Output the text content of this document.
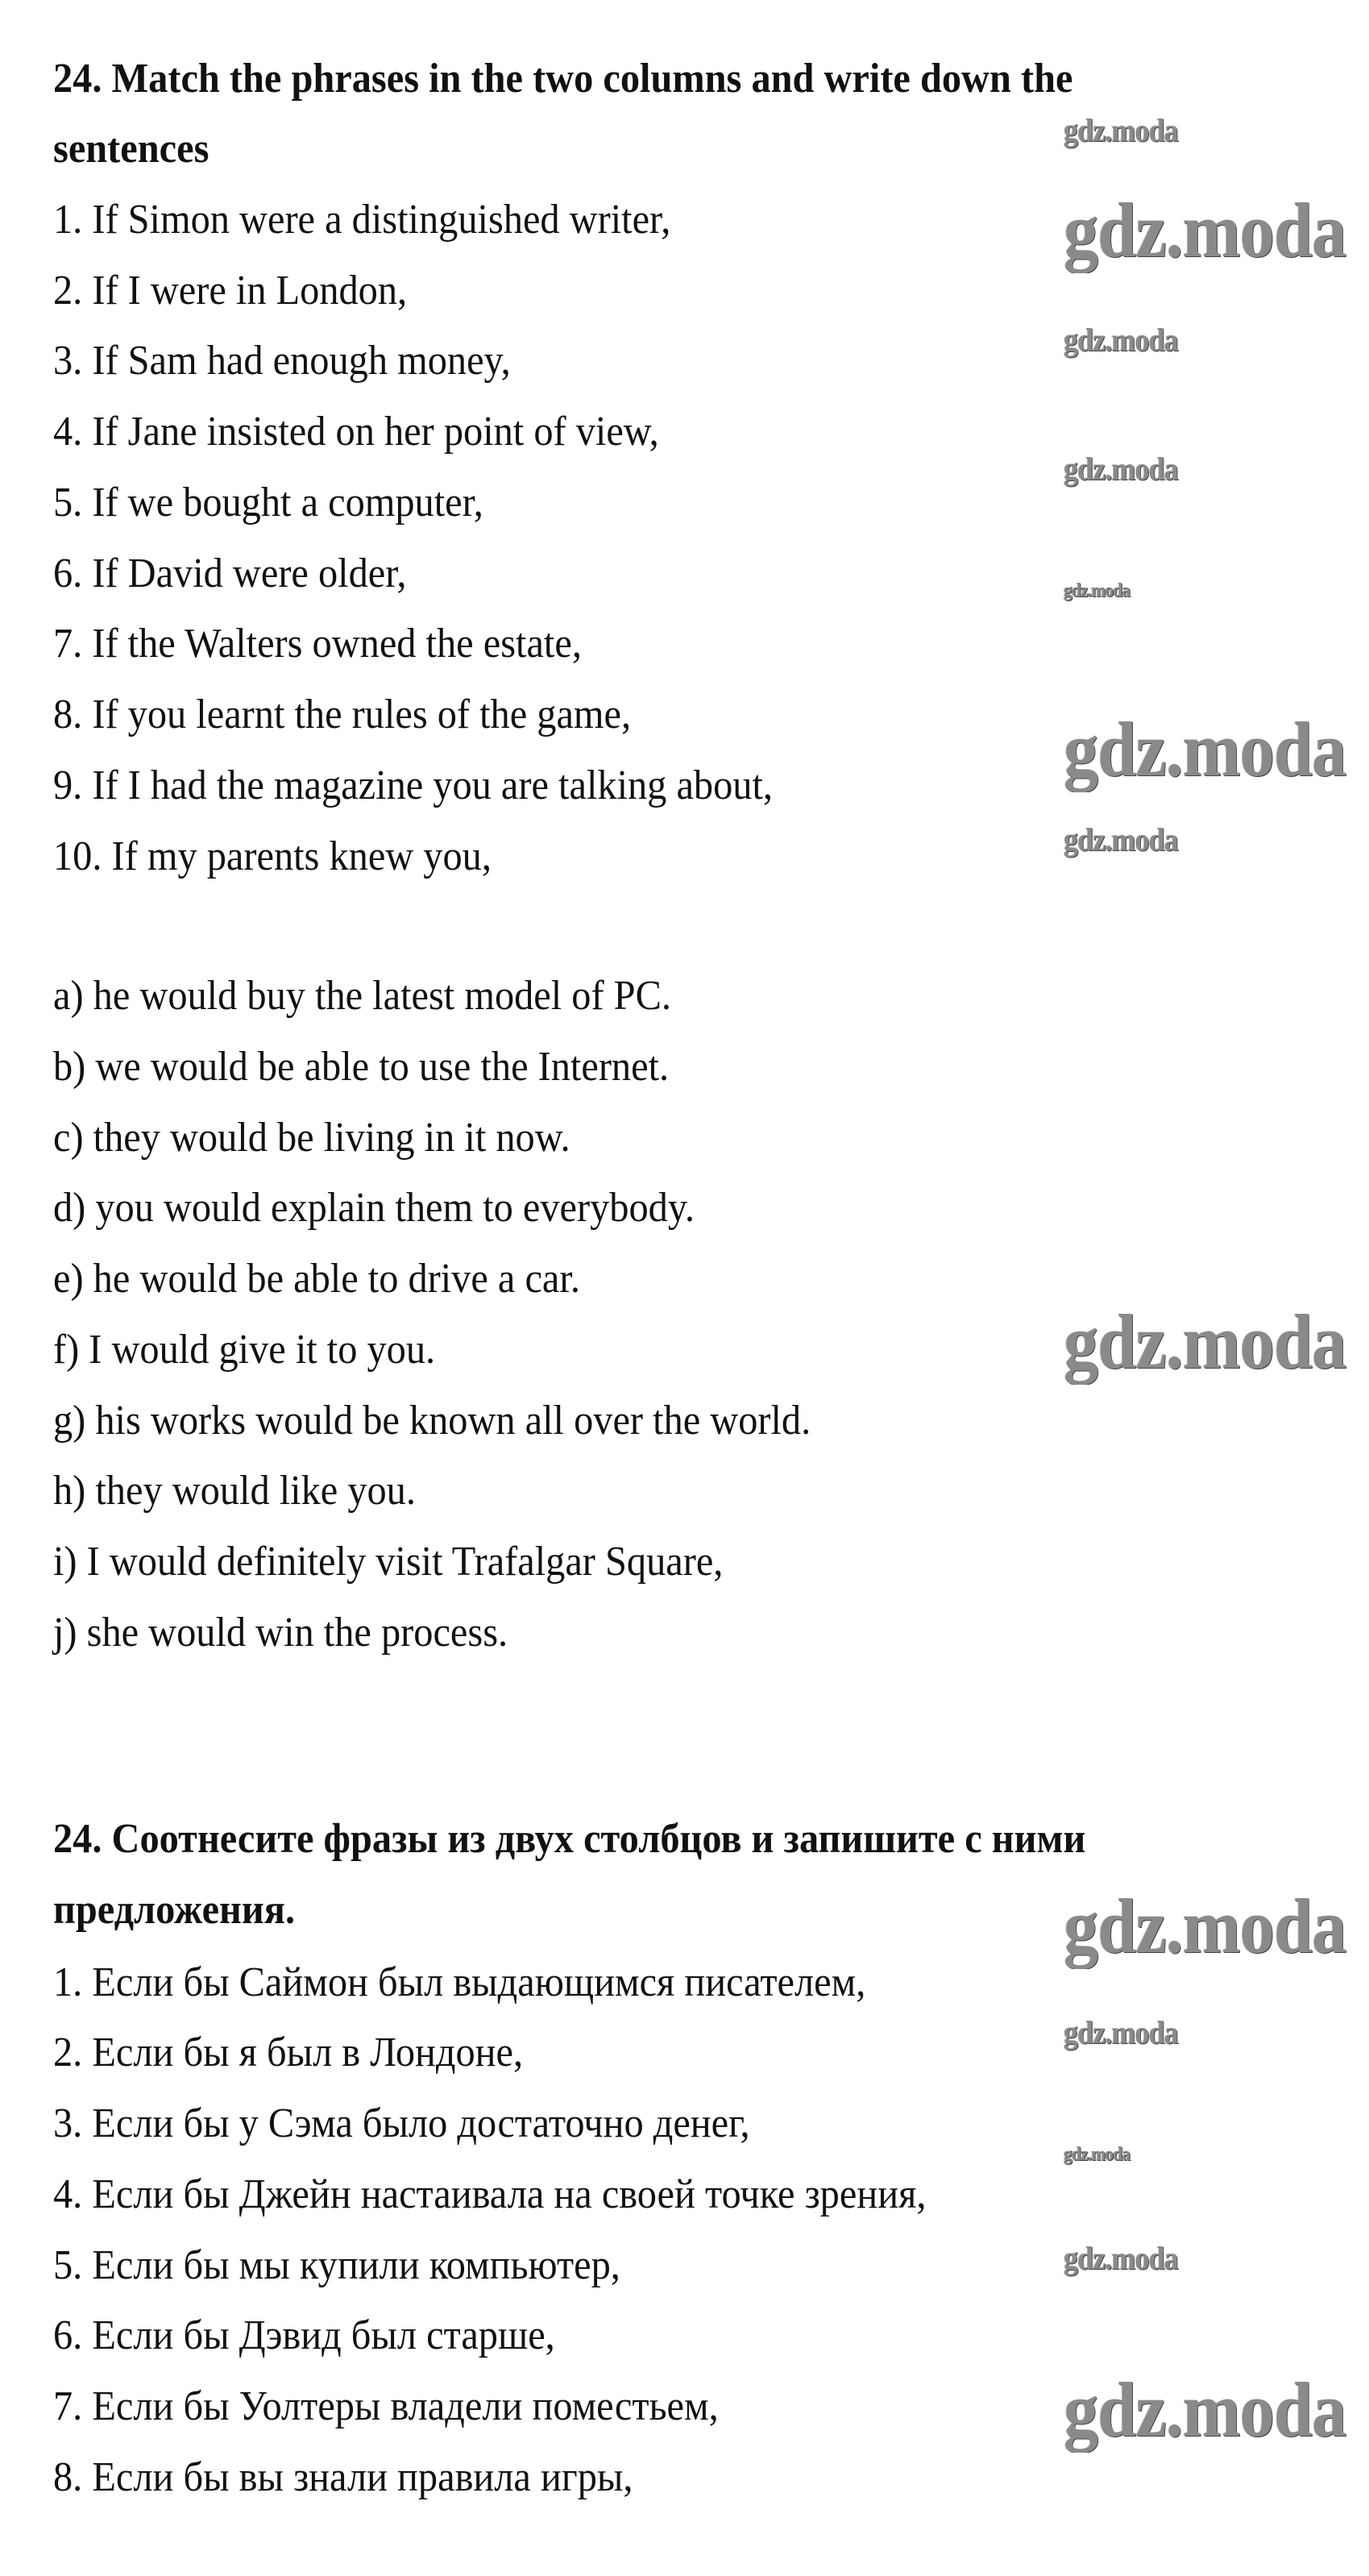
24. Match the phrases in the two columns and write down the
sentences
1. If Simon were a distinguished writer,
2. If I were in London,
3. If Sam had enough money,
4. If Jane insisted on her point of view,
5. If we bought a computer,
6. If David were older,
7. If the Walters owned the estate,
8. If you learnt the rules of the game,
9. If I had the magazine you are talking about,
10. If my parents knew you,
a) he would buy the latest model of PC.
b) we would be able to use the Internet.
c) they would be living in it now.
d) you would explain them to everybody.
e) he would be able to drive a car.
f) I would give it to you.
g) his works would be known all over the world.
h) they would like you.
i) I would definitely visit Trafalgar Square,
j) she would win the process.
24. Соотнесите фразы из двух столбцов и запишите с ними
предложения.
1. Если бы Саймон был выдающимся писателем,
2. Если бы я был в Лондоне,
3. Если бы у Сэма было достаточно денег,
4. Если бы Джейн настаивала на своей точке зрения,
5. Если бы мы купили компьютер,
6. Если бы Дэвид был старше,
7. Если бы Уолтеры владели поместьем,
8. Если бы вы знали правила игры,
gdz.moda
gdz.moda
gdz.moda
gdz.moda
gdz.moda
gdz.moda
gdz.moda
gdz.moda
gdz.moda
gdz.moda
gdz.moda
gdz.moda
gdz.moda
